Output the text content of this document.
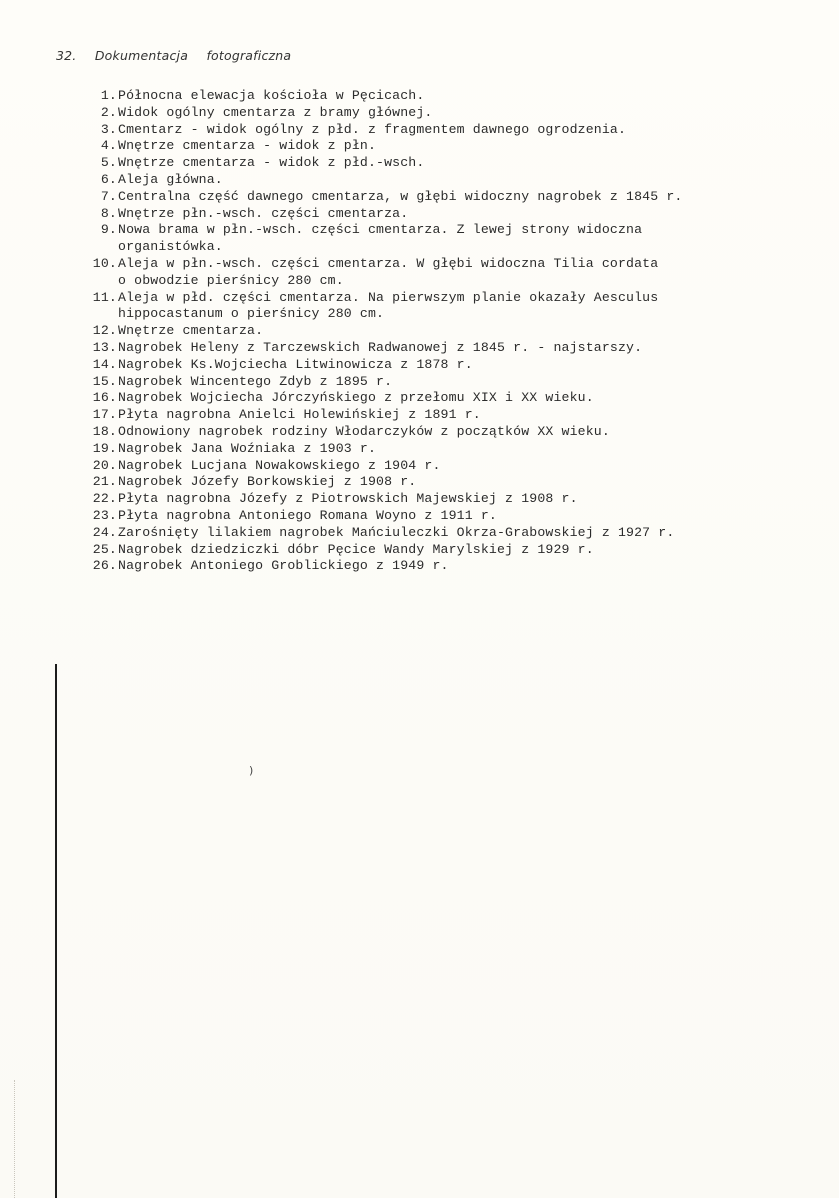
32. Dokumentacja fotograficzna
1. Północna elewacja kościoła w Pęcicach.
2. Widok ogólny cmentarza z bramy głównej.
3. Cmentarz - widok ogólny z płd. z fragmentem dawnego ogrodzenia.
4. Wnętrze cmentarza - widok z płn.
5. Wnętrze cmentarza - widok z płd.-wsch.
6. Aleja główna.
7. Centralna część dawnego cmentarza, w głębi widoczny nagrobek z 1845 r.
8. Wnętrze płn.-wsch. części cmentarza.
9. Nowa brama w płn.-wsch. części cmentarza. Z lewej strony widoczna
organistówka.
10. Aleja w płn.-wsch. części cmentarza. W głębi widoczna Tilia cordata
o obwodzie pierśnicy 280 cm.
11. Aleja w płd. części cmentarza. Na pierwszym planie okazały Aesculus
hippocastanum o pierśnicy 280 cm.
12. Wnętrze cmentarza.
13. Nagrobek Heleny z Tarczewskich Radwanowej z 1845 r. - najstarszy.
14. Nagrobek Ks.Wojciecha Litwinowicza z 1878 r.
15. Nagrobek Wincentego Zdyb z 1895 r.
16. Nagrobek Wojciecha Jórczyńskiego z przełomu XIX i XX wieku.
17. Płyta nagrobna Anielci Holewińskiej z 1891 r.
18. Odnowiony nagrobek rodziny Włodarczyków z początków XX wieku.
19. Nagrobek Jana Woźniaka z 1903 r.
20. Nagrobek Lucjana Nowakowskiego z 1904 r.
21. Nagrobek Józefy Borkowskiej z 1908 r.
22. Płyta nagrobna Józefy z Piotrowskich Majewskiej z 1908 r.
23. Płyta nagrobna Antoniego Romana Woyno z 1911 r.
24. Zarośnięty lilakiem nagrobek Mańciuleczki Okrza-Grabowskiej z 1927 r.
25. Nagrobek dziedziczki dóbr Pęcice Wandy Marylskiej z 1929 r.
26. Nagrobek Antoniego Groblickiego z 1949 r.
)
